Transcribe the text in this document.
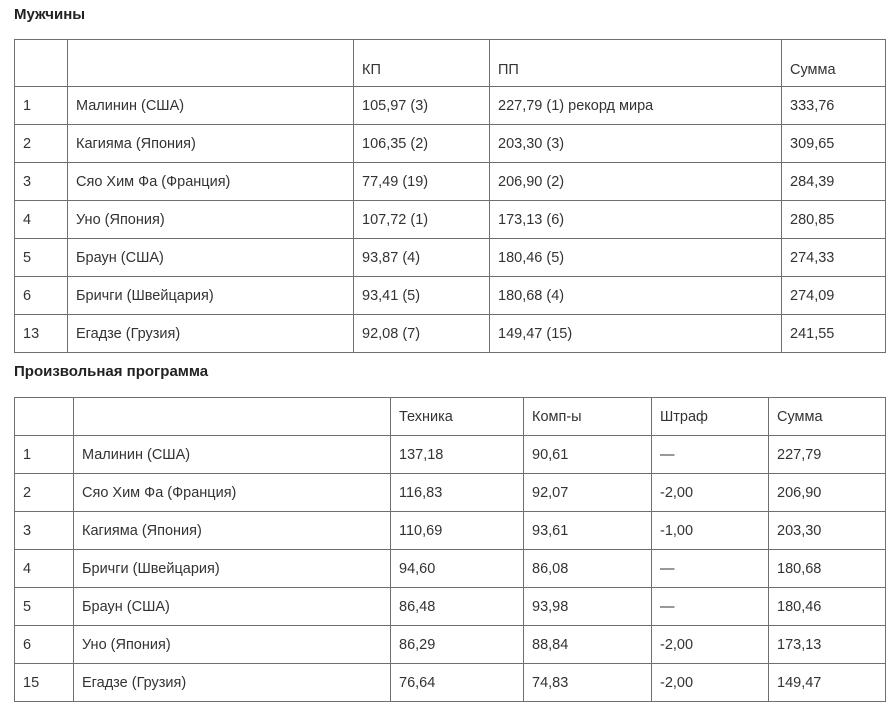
Мужчины
		КП	ПП	Сумма
1	Малинин (США)	105,97 (3)	227,79 (1) рекорд мира	333,76
2	Кагияма (Япония)	106,35 (2)	203,30 (3)	309,65
3	Сяо Хим Фа (Франция)	77,49 (19)	206,90 (2)	284,39
4	Уно (Япония)	107,72 (1)	173,13 (6)	280,85
5	Браун (США)	93,87 (4)	180,46 (5)	274,33
6	Бричги (Швейцария)	93,41 (5)	180,68 (4)	274,09
13	Егадзе (Грузия)	92,08 (7)	149,47 (15)	241,55
Произвольная программа
		Техника	Комп-ы	Штраф	Сумма
1	Малинин (США)	137,18	90,61	—	227,79
2	Сяо Хим Фа (Франция)	116,83	92,07	-2,00	206,90
3	Кагияма (Япония)	110,69	93,61	-1,00	203,30
4	Бричги (Швейцария)	94,60	86,08	—	180,68
5	Браун (США)	86,48	93,98	—	180,46
6	Уно (Япония)	86,29	88,84	-2,00	173,13
15	Егадзе (Грузия)	76,64	74,83	-2,00	149,47
